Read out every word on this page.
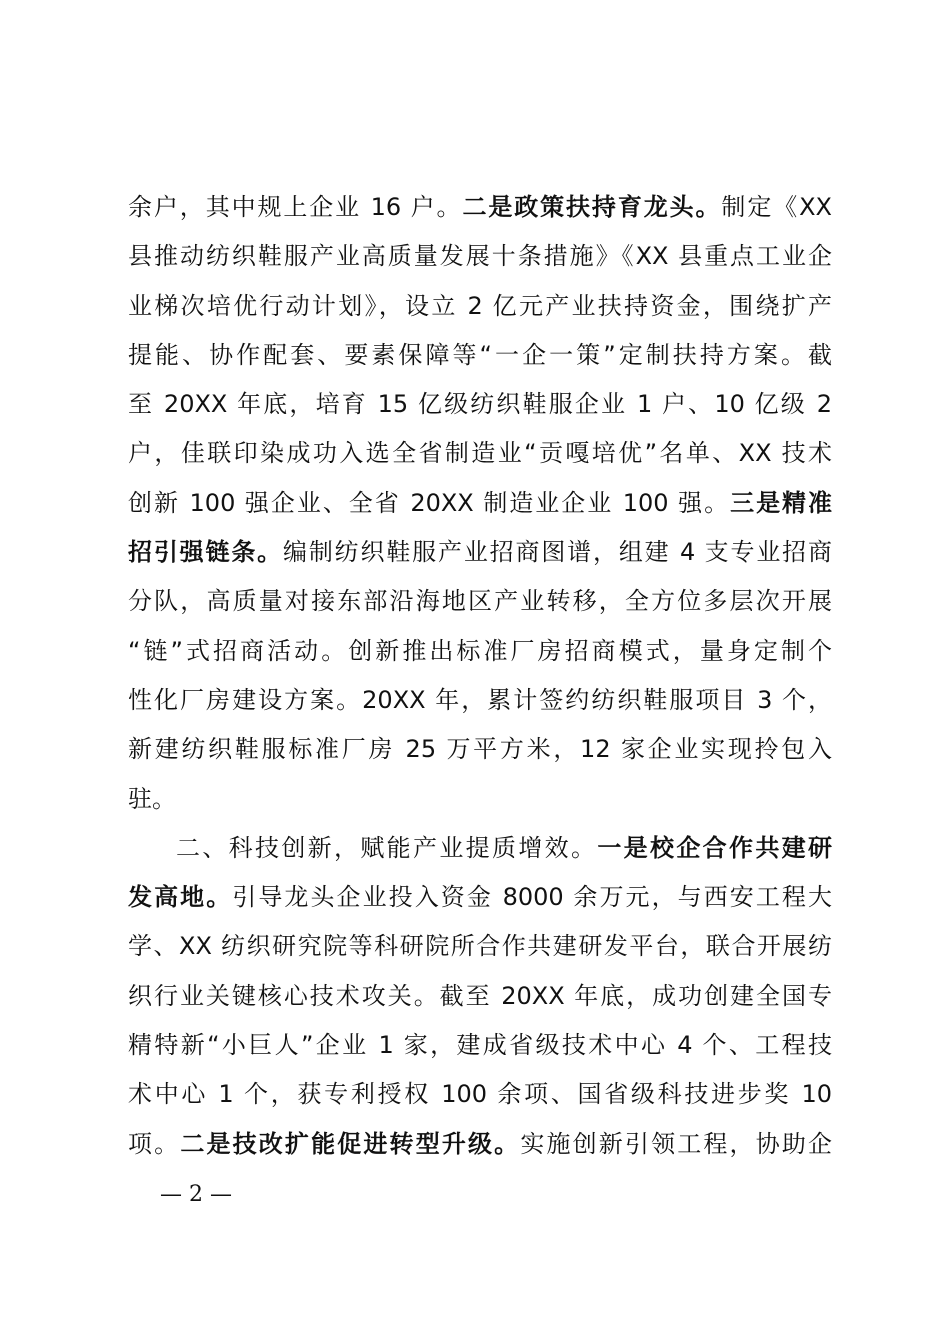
余户，其中规上企业 16 户。二是政策扶持育龙头。制定《XX
县推动纺织鞋服产业高质量发展十条措施》《XX 县重点工业企
业梯次培优行动计划》，设立 2 亿元产业扶持资金，围绕扩产
提能、协作配套、要素保障等“一企一策”定制扶持方案。截
至 20XX 年底，培育 15 亿级纺织鞋服企业 1 户、10 亿级 2
户，佳联印染成功入选全省制造业“贡嘎培优”名单、XX 技术
创新 100 强企业、全省 20XX 制造业企业 100 强。三是精准
招引强链条。编制纺织鞋服产业招商图谱，组建 4 支专业招商
分队，高质量对接东部沿海地区产业转移，全方位多层次开展
“链”式招商活动。创新推出标准厂房招商模式，量身定制个
性化厂房建设方案。20XX 年，累计签约纺织鞋服项目 3 个，
新建纺织鞋服标准厂房 25 万平方米，12 家企业实现拎包入
驻。
二、科技创新，赋能产业提质增效。一是校企合作共建研
发高地。引导龙头企业投入资金 8000 余万元，与西安工程大
学、XX 纺织研究院等科研院所合作共建研发平台，联合开展纺
织行业关键核心技术攻关。截至 20XX 年底，成功创建全国专
精特新“小巨人”企业 1 家，建成省级技术中心 4 个、工程技
术中心 1 个，获专利授权 100 余项、国省级科技进步奖 10
项。二是技改扩能促进转型升级。实施创新引领工程，协助企
— 2 —
